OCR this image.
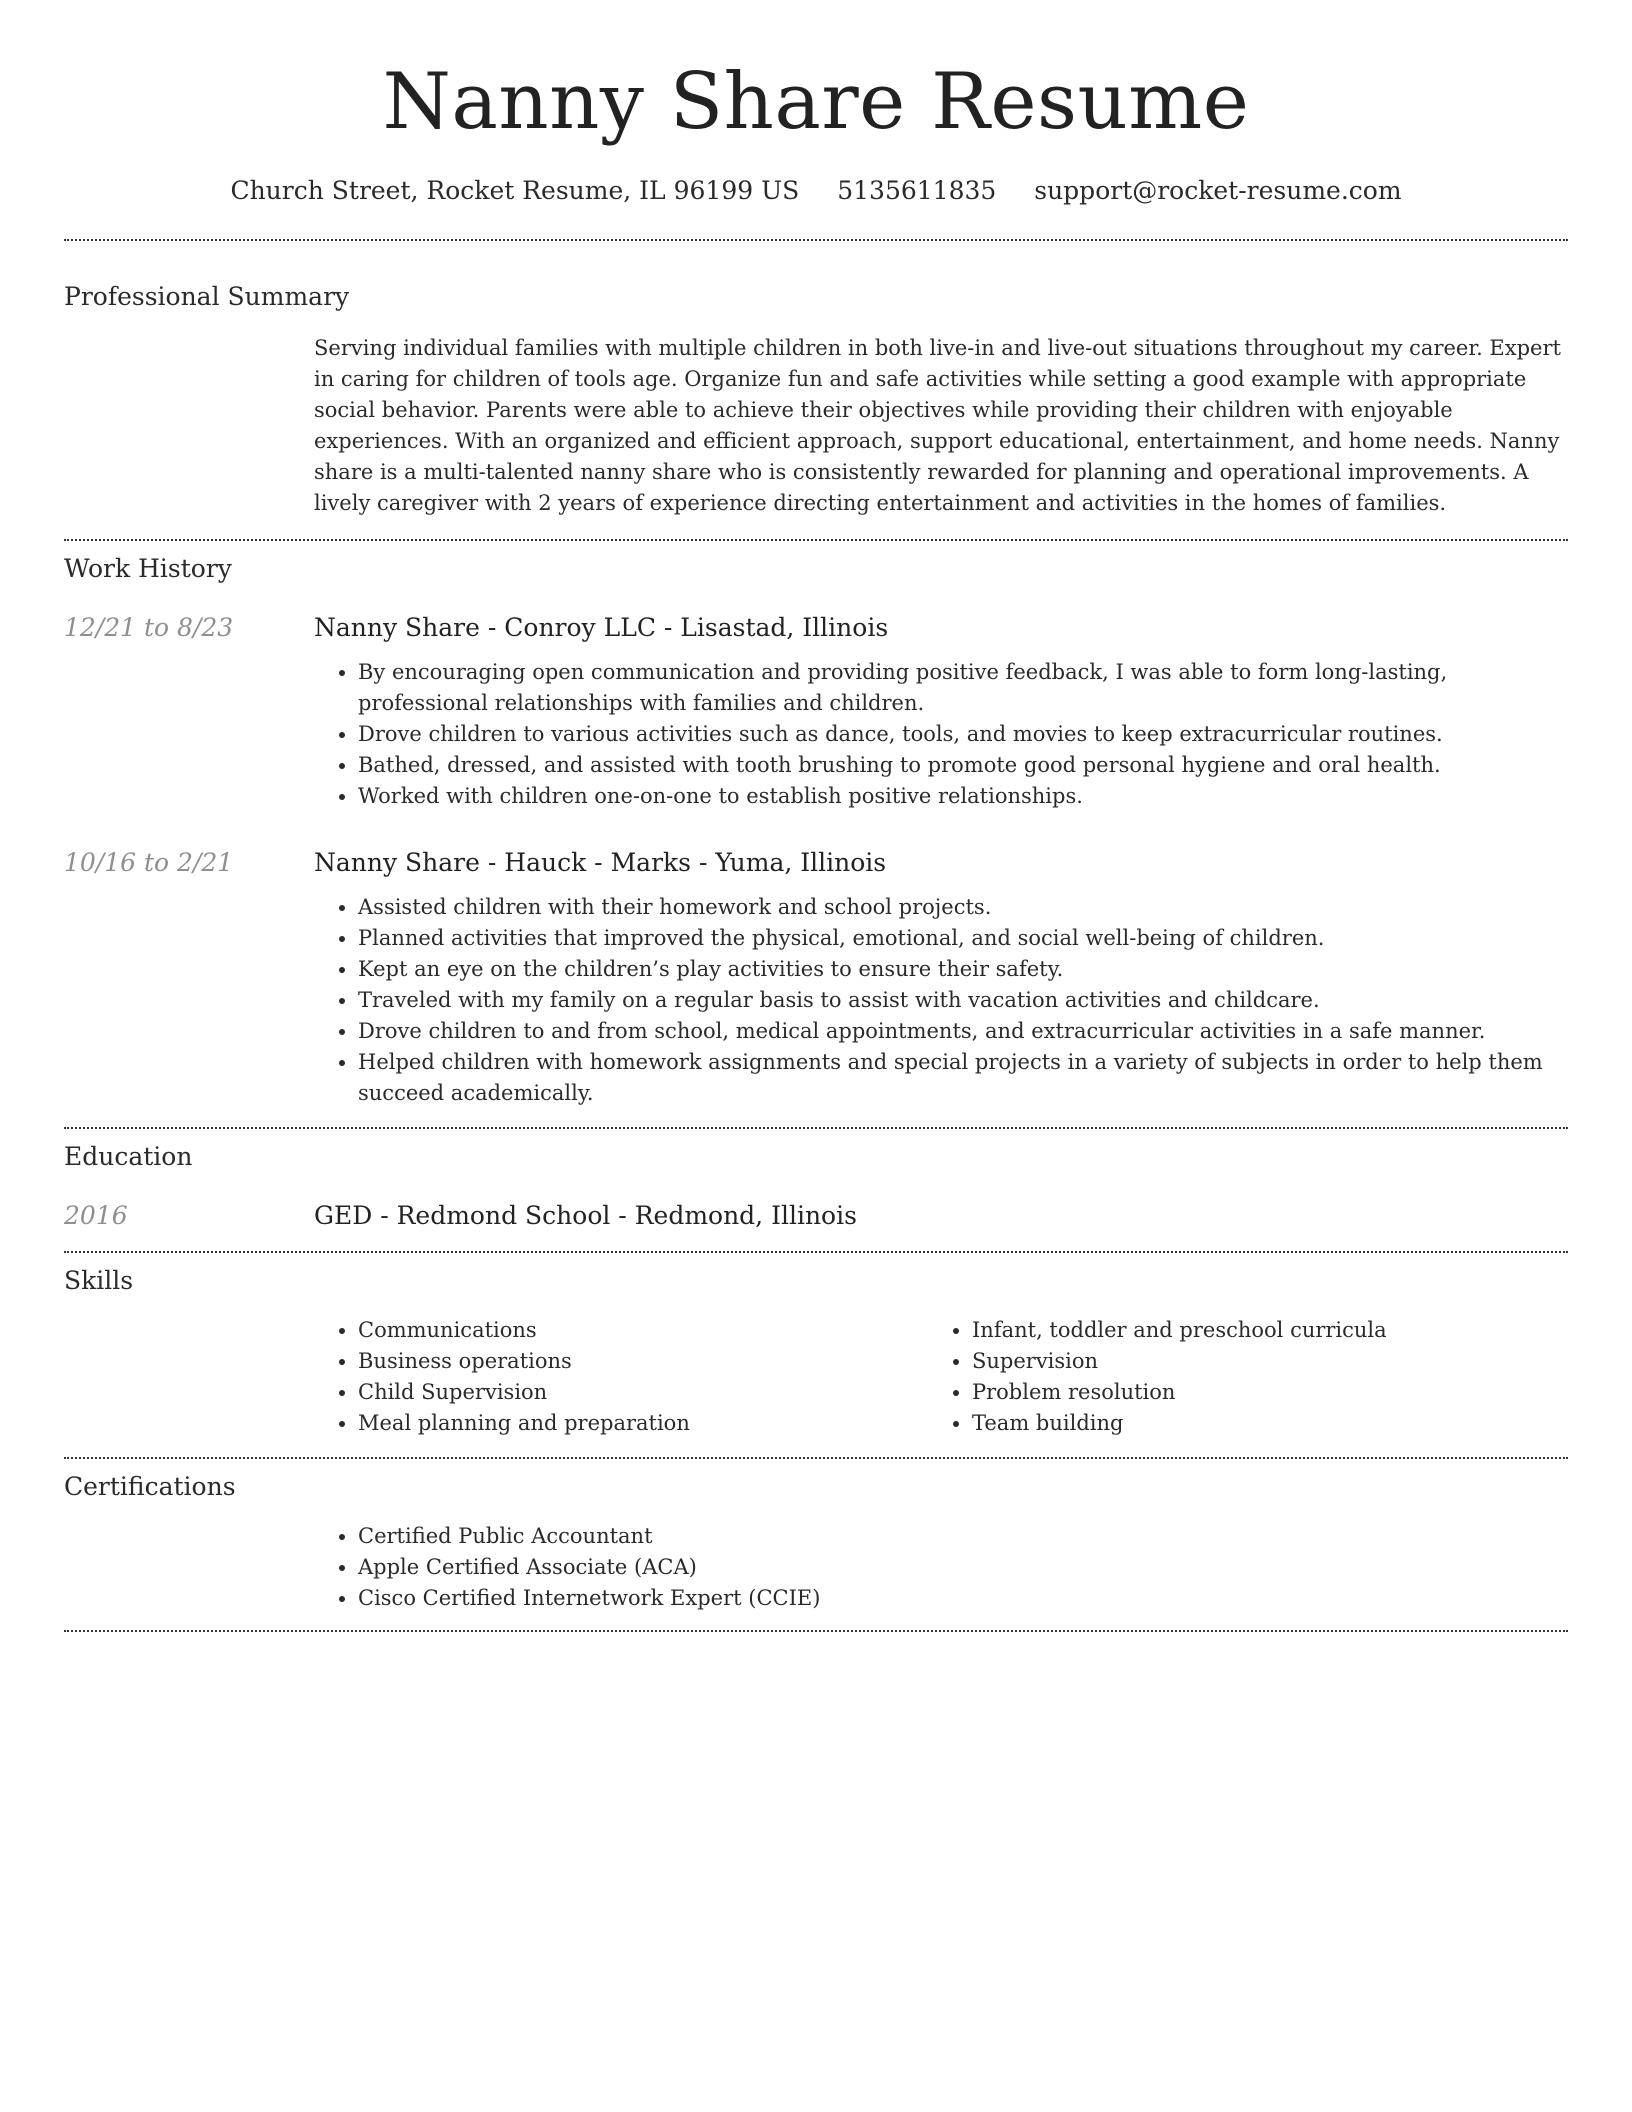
Nanny Share Resume
Church Street, Rocket Resume, IL 96199 US 5135611835 support@rocket-resume.com
Professional Summary

Serving individual families with multiple children in both live-in and live-out situations throughout my career. Expert in caring for children of tools age. Organize fun and safe activities while setting a good example with appropriate social behavior. Parents were able to achieve their objectives while providing their children with enjoyable experiences. With an organized and efficient approach, support educational, entertainment, and home needs. Nanny share is a multi-talented nanny share who is consistently rewarded for planning and operational improvements. A lively caregiver with 2 years of experience directing entertainment and activities in the homes of families.

Work History
12/21 to 8/23	Nanny Share - Conroy LLC - Lisastad, Illinois
• By encouraging open communication and providing positive feedback, I was able to form long-lasting, professional relationships with families and children.
• Drove children to various activities such as dance, tools, and movies to keep extracurricular routines.
• Bathed, dressed, and assisted with tooth brushing to promote good personal hygiene and oral health.
• Worked with children one-on-one to establish positive relationships.
10/16 to 2/21	Nanny Share - Hauck - Marks - Yuma, Illinois
• Assisted children with their homework and school projects.
• Planned activities that improved the physical, emotional, and social well-being of children.
• Kept an eye on the children’s play activities to ensure their safety.
• Traveled with my family on a regular basis to assist with vacation activities and childcare.
• Drove children to and from school, medical appointments, and extracurricular activities in a safe manner.
• Helped children with homework assignments and special projects in a variety of subjects in order to help them succeed academically.
Education
2016	GED - Redmond School - Redmond, Illinois
Skills
• Communications
• Business operations
• Child Supervision
• Meal planning and preparation
• Infant, toddler and preschool curricula
• Supervision
• Problem resolution
• Team building
Certifications
• Certified Public Accountant
• Apple Certified Associate (ACA)
• Cisco Certified Internetwork Expert (CCIE)
